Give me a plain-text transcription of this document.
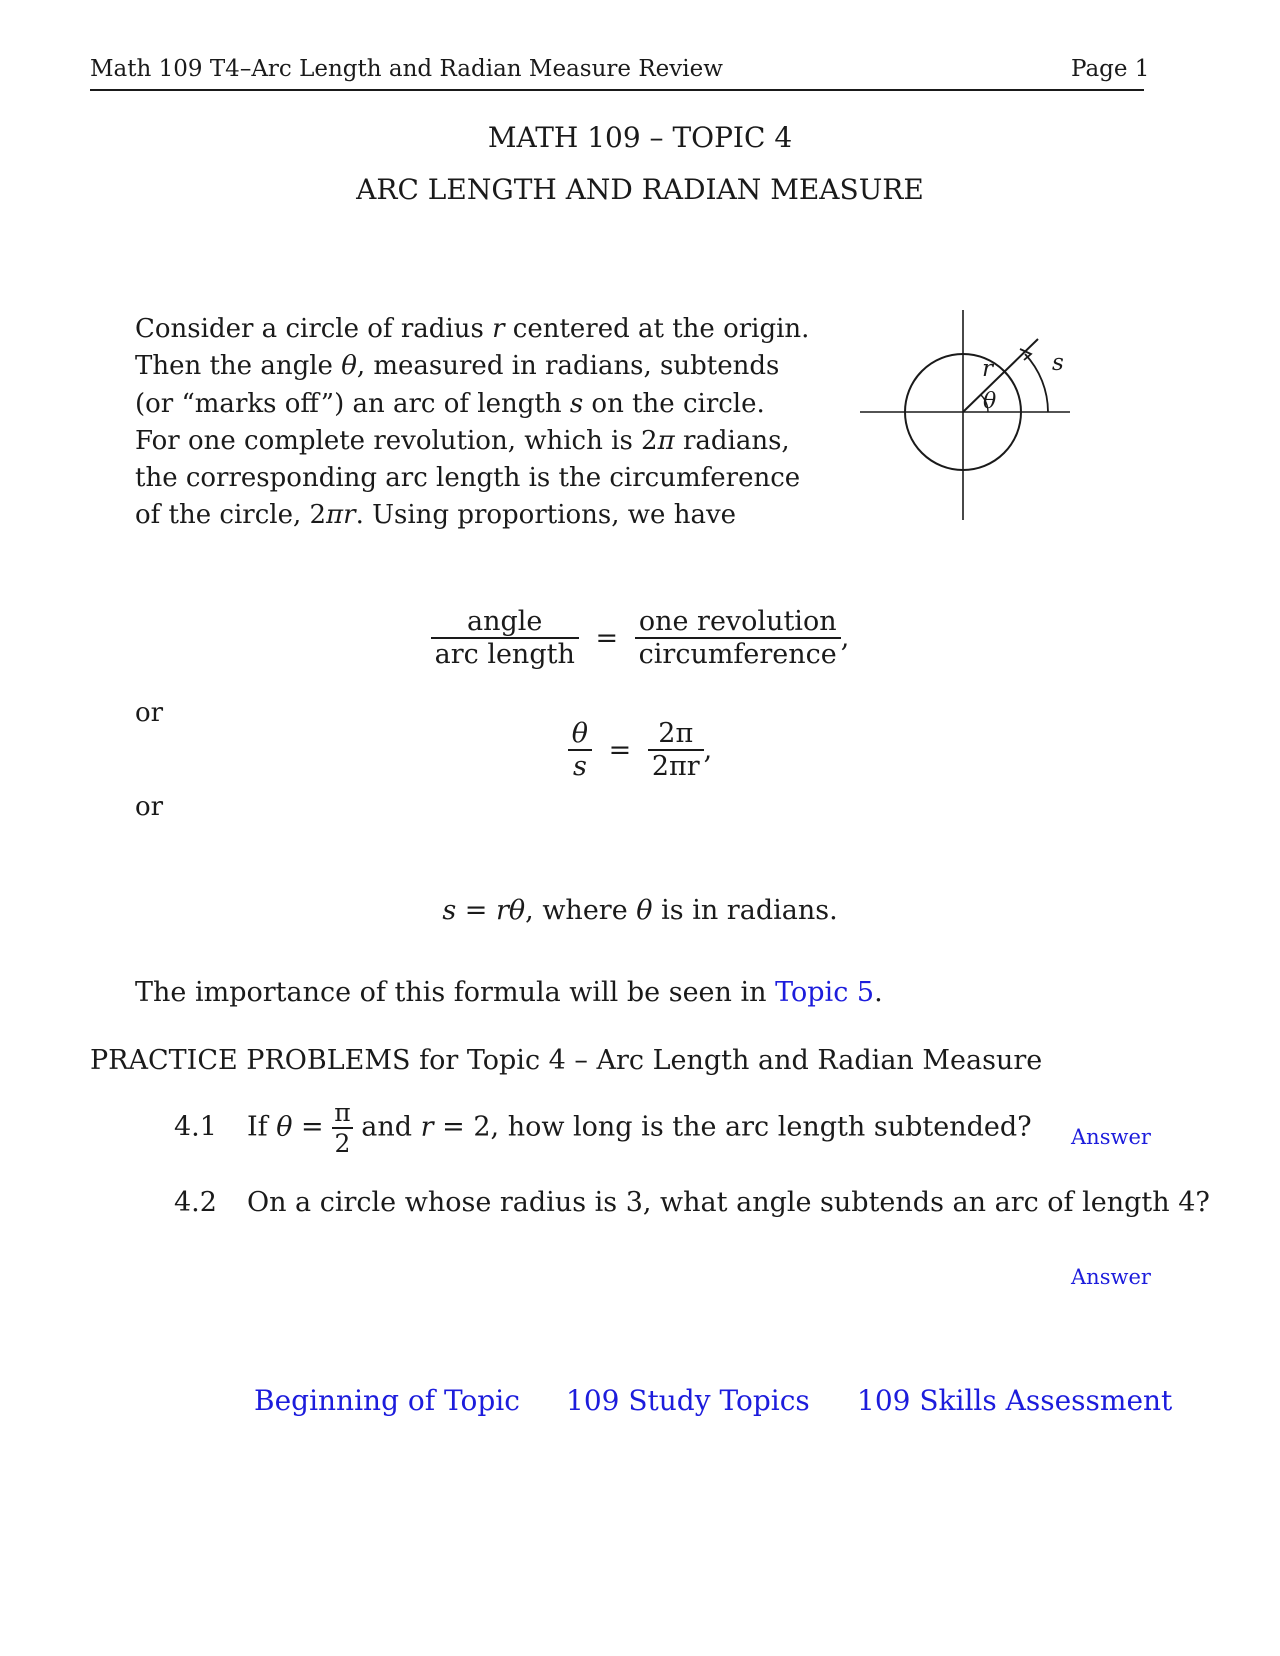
Math 109 T4–Arc Length and Radian Measure Review	Page 1
MATH 109 – TOPIC 4
ARC LENGTH AND RADIAN MEASURE

Consider a circle of radius r centered at the origin.

Then the angle θ, measured in radians, subtends

(or “marks off”) an arc of length s on the circle.

For one complete revolution, which is 2π radians,

the corresponding arc length is the circumference

of the circle, 2πr. Using proportions, we have

r
θ
s
$\frac{\text{angle}}{\text{arc length}} = \frac{\text{one revolution}}{\text{circumference}}$ ,
or
$\frac{\theta}{s} = \frac{2\pi}{2\pi r}$ ,
or
s = rθ, where θ is in radians.
The importance of this formula will be seen in Topic 5.
PRACTICE PROBLEMS for Topic 4 – Arc Length and Radian Measure
4.1 If $\theta = \frac{\pi}{2}$ and r = 2, how long is the arc length subtended? Answer
4.2 On a circle whose radius is 3, what angle subtends an arc of length 4?
Answer
Beginning of Topic 109 Study Topics 109 Skills Assessment
